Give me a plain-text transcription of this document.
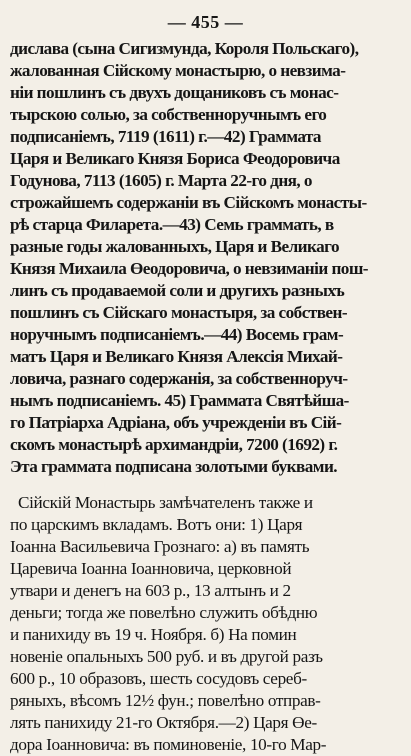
— 455 —
дислава (сына Сигизмунда, Короля Польскаго),
жалованная Сійскому монастырю, о невзима-
ніи пошлинъ съ двухъ дощаниковъ съ монас-
тырскою солью, за собственноручнымъ его
подписаніемъ, 7119 (1611) г.—42) Грамматa
Царя и Великаго Князя Бориса Феодоровича
Годунова, 7113 (1605) г. Марта 22-го дня, о
строжайшемъ содержаніи въ Сійскомъ монасты-
рѣ старца Филарета.—43) Семь граммать, в
разные годы жалованныхъ, Царя и Великаго
Князя Михаила Өеодоровича, о невзиманіи пош-
линъ съ продаваемой соли и другихъ разныхъ
пошлинъ съ Сійскаго монастыря, за собствен-
норучнымъ подписаніемъ.—44) Восемь грам-
матъ Царя и Великаго Князя Алексія Михай-
ловича, разнаго содержанія, за собственноруч-
нымъ подписаніемъ. 45) Граммата Святѣйша-
го Патріарха Адріана, объ учрежденіи въ Сій-
скомъ монастырѣ архимандріи, 7200 (1692) г.
Эта граммата подписана золотыми буквами.
Сійскій Монастырь замѣчателенъ также и
по царскимъ вкладамъ. Вотъ они: 1) Царя
Іоанна Васильевича Грознаго: а) въ память
Царевича Іоанна Іоанновича, церковной
утвари и денегъ на 603 р., 13 алтынъ и 2
деньги; тогда же повелѣно служить обѣдню
и панихиду въ 19 ч. Ноября. б) На помин
новеніе опальныхъ 500 руб. и въ другой разъ
600 р., 10 образовъ, шесть сосудовъ сереб-
ряныхъ, вѣсомъ 12½ фун.; повелѣно отправ-
лять панихиду 21-го Октября.—2) Царя Өе-
дора Іоанновича: въ поминовеніе, 10-го Мар-
